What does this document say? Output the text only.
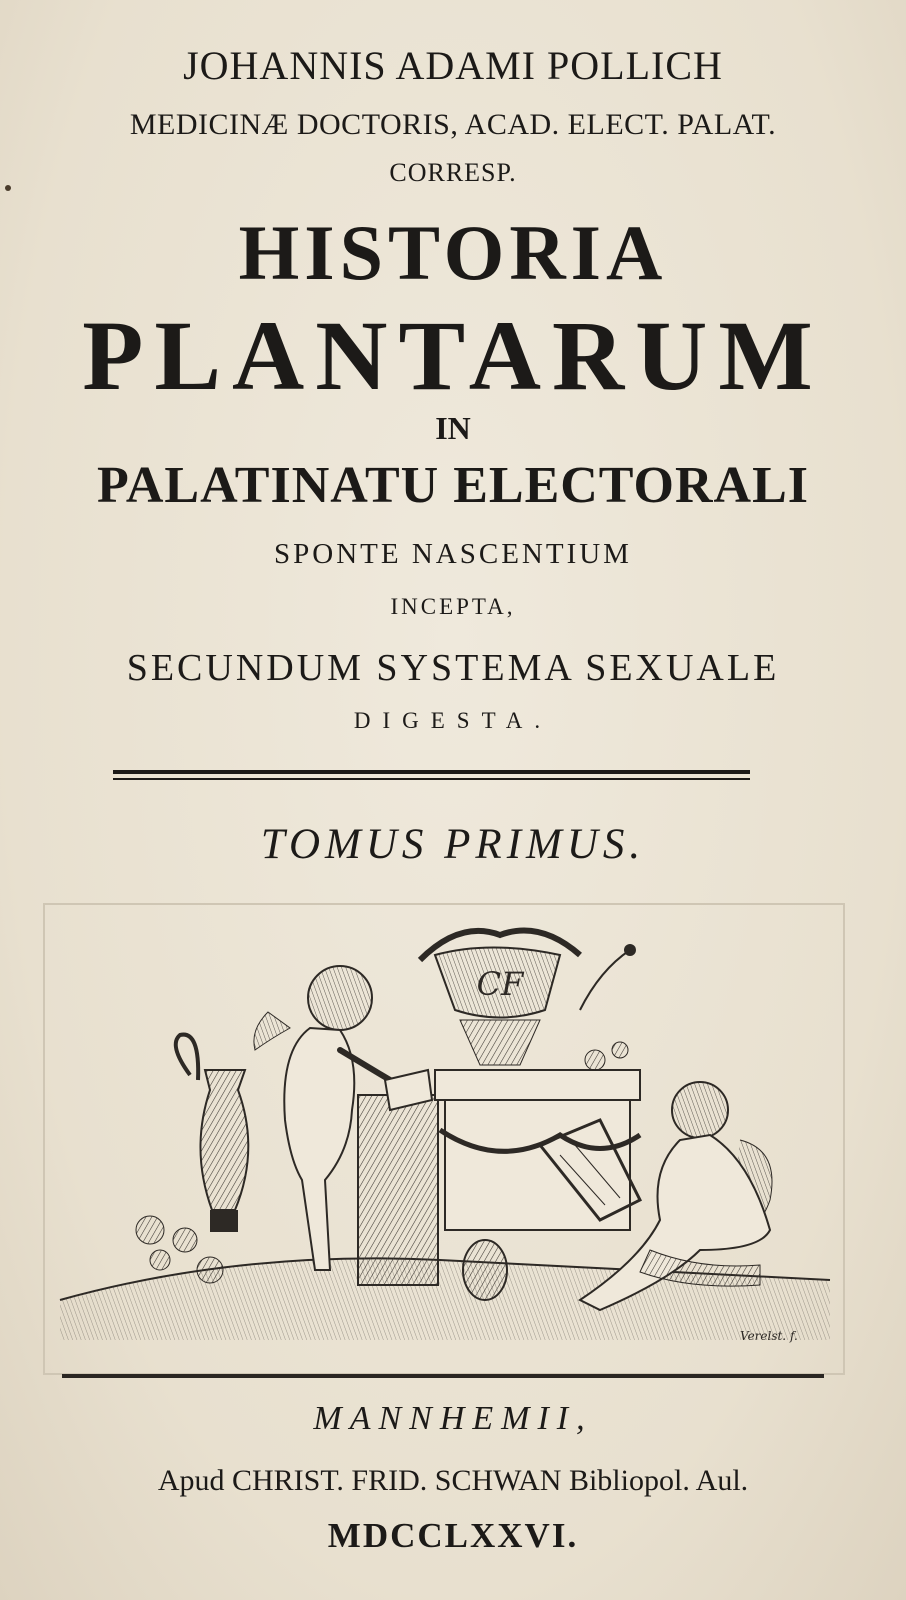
JOHANNIS ADAMI POLLICH
MEDICINÆ DOCTORIS, ACAD. ELECT. PALAT.
CORRESP.
HISTORIA
PLANTARUM
IN
PALATINATU ELECTORALI
SPONTE NASCENTIUM
INCEPTA,
SECUNDUM SYSTEMA SEXUALE
DIGESTA.
TOMUS PRIMUS.
CF
Verelst. f.
MANNHEMII,
Apud CHRIST. FRID. SCHWAN Bibliopol. Aul.
MDCCLXXVI.
